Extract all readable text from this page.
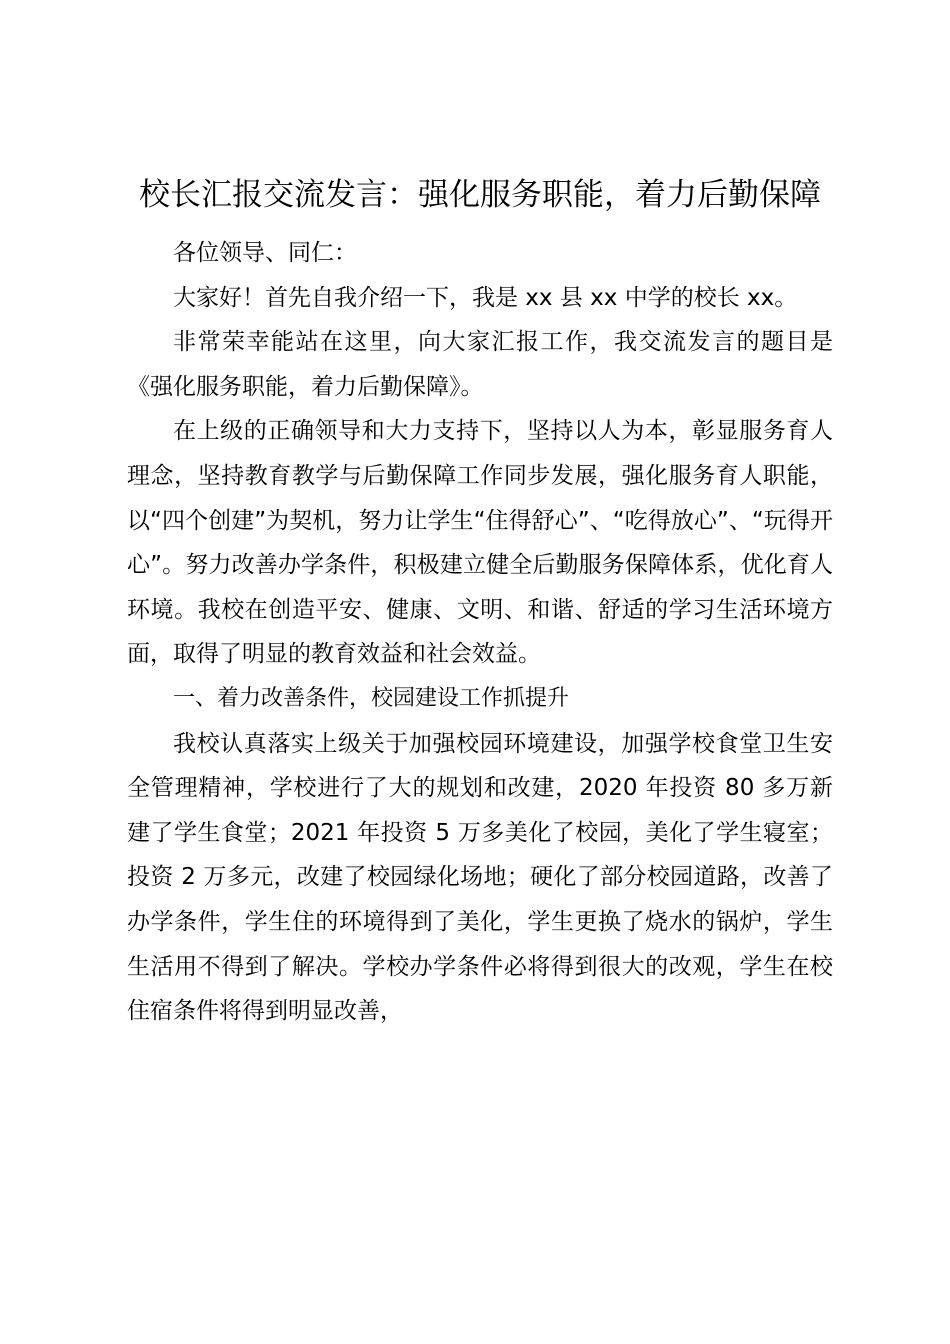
校长汇报交流发言：强化服务职能，着力后勤保障

各位领导、同仁：

大家好！首先自我介绍一下，我是 xx 县 xx 中学的校长 xx。

非常荣幸能站在这里，向大家汇报工作，我交流发言的题目是《强化服务职能，着力后勤保障》。

在上级的正确领导和大力支持下，坚持以人为本，彰显服务育人理念，坚持教育教学与后勤保障工作同步发展，强化服务育人职能，以“四个创建”为契机，努力让学生“住得舒心”、“吃得放心”、“玩得开心”。努力改善办学条件，积极建立健全后勤服务保障体系，优化育人环境。我校在创造平安、健康、文明、和谐、舒适的学习生活环境方面，取得了明显的教育效益和社会效益。

一、着力改善条件，校园建设工作抓提升

我校认真落实上级关于加强校园环境建设，加强学校食堂卫生安全管理精神，学校进行了大的规划和改建，2020 年投资 80 多万新建了学生食堂；2021 年投资 5 万多美化了校园，美化了学生寝室；投资 2 万多元，改建了校园绿化场地；硬化了部分校园道路，改善了办学条件，学生住的环境得到了美化，学生更换了烧水的锅炉，学生生活用不得到了解决。学校办学条件必将得到很大的改观，学生在校住宿条件将得到明显改善，
